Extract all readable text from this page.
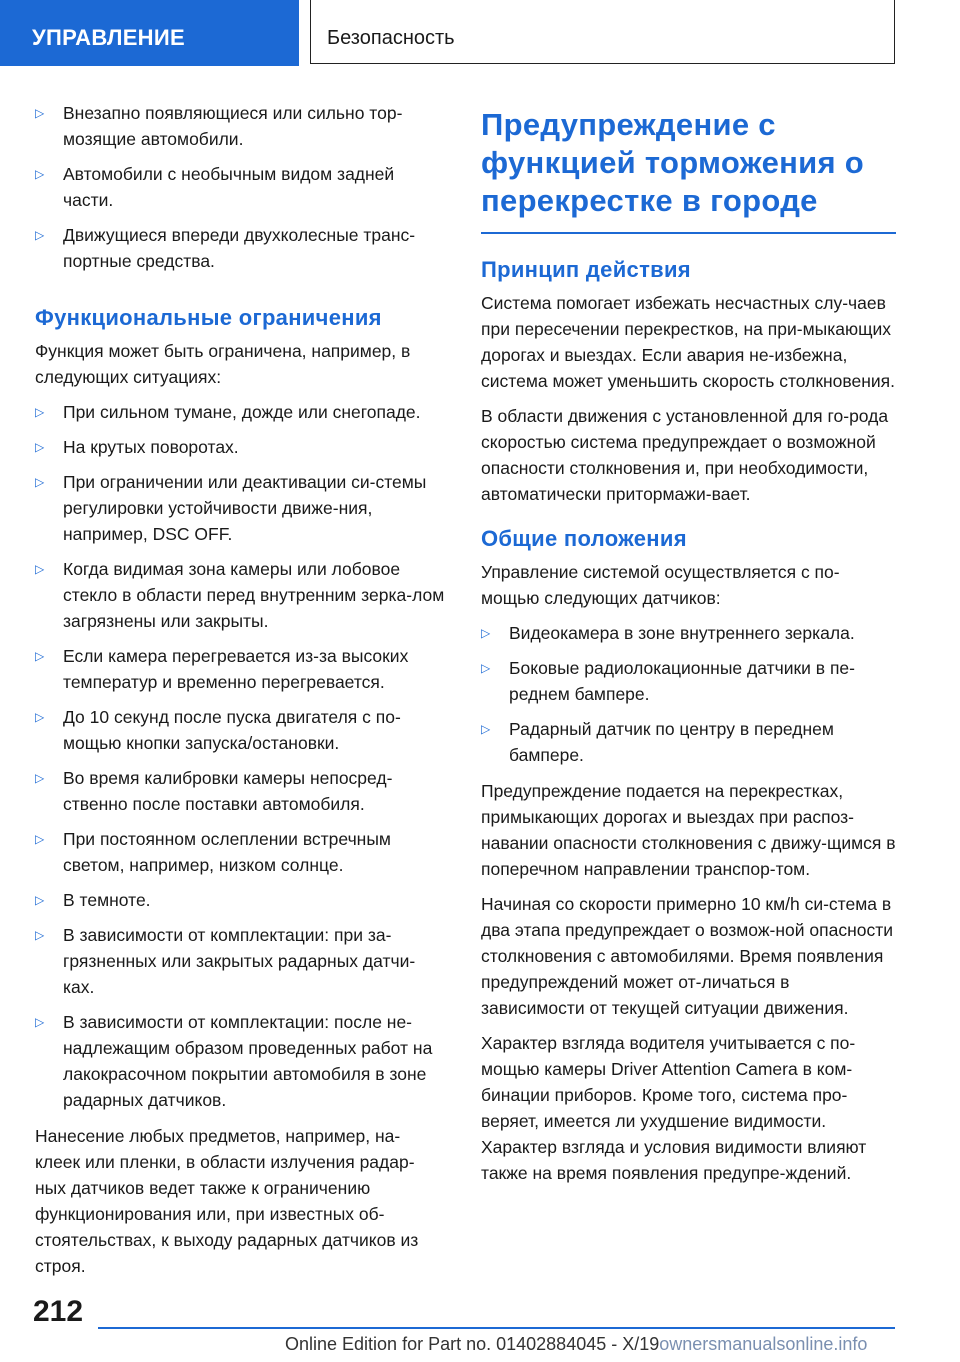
УПРАВЛЕНИЕ	Безопасность
▷ Внезапно появляющиеся или сильно тор-мозящие автомобили.
▷ Автомобили с необычным видом задней части.
▷ Движущиеся впереди двухколесные транс-портные средства.
Функциональные ограничения

Функция может быть ограничена, например, в следующих ситуациях:

▷ При сильном тумане, дожде или снегопаде.
▷ На крутых поворотах.
▷ При ограничении или деактивации си-стемы регулировки устойчивости движе-ния, например, DSC OFF.
▷ Когда видимая зона камеры или лобовое стекло в области перед внутренним зерка-лом загрязнены или закрыты.
▷ Если камера перегревается из-за высоких температур и временно перегревается.
▷ До 10 секунд после пуска двигателя с по-мощью кнопки запуска/остановки.
▷ Во время калибровки камеры непосред-ственно после поставки автомобиля.
▷ При постоянном ослеплении встречным светом, например, низком солнце.
▷ В темноте.
▷ В зависимости от комплектации: при за-грязненных или закрытых радарных датчи-ках.
▷ В зависимости от комплектации: после не-надлежащим образом проведенных работ на лакокрасочном покрытии автомобиля в зоне радарных датчиков.

Нанесение любых предметов, например, на-клеек или пленки, в области излучения радар-ных датчиков ведет также к ограничению функционирования или, при известных об-стоятельствах, к выходу радарных датчиков из строя.

Предупреждение с функцией торможения о перекрестке в городе
Принцип действия

Система помогает избежать несчастных слу-чаев при пересечении перекрестков, на при-мыкающих дорогах и выездах. Если авария не-избежна, система может уменьшить скорость столкновения.

В области движения с установленной для го-рода скоростью система предупреждает о возможной опасности столкновения и, при необходимости, автоматически притормажи-вает.

Общие положения

Управление системой осуществляется с по-мощью следующих датчиков:

▷ Видеокамера в зоне внутреннего зеркала.
▷ Боковые радиолокационные датчики в пе-реднем бампере.
▷ Радарный датчик по центру в переднем бампере.

Предупреждение подается на перекрестках, примыкающих дорогах и выездах при распоз-навании опасности столкновения с движу-щимся в поперечном направлении транспор-том.

Начиная со скорости примерно 10 км/h си-стема в два этапа предупреждает о возмож-ной опасности столкновения с автомобилями. Время появления предупреждений может от-личаться в зависимости от текущей ситуации движения.

Характер взгляда водителя учитывается с по-мощью камеры Driver Attention Camera в ком-бинации приборов. Кроме того, система про-веряет, имеется ли ухудшение видимости. Характер взгляда и условия видимости влияют также на время появления предупре-ждений.

212
Online Edition for Part no. 01402884045 - X/19ownersmanualsonline.info
